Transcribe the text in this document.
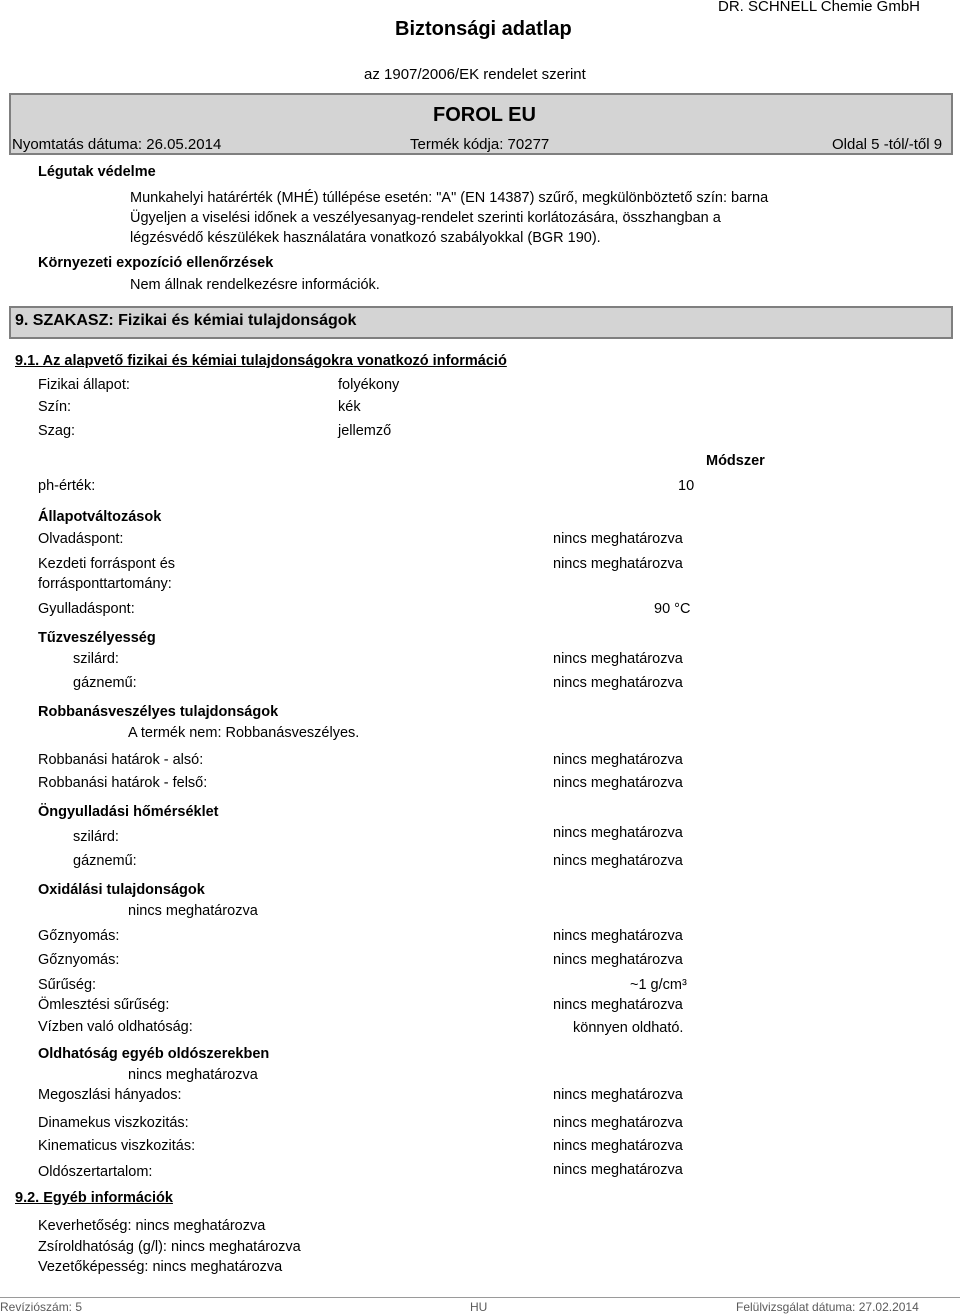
Biztonsági adatlap
DR. SCHNELL Chemie GmbH
az 1907/2006/EK rendelet szerint
FOROL EU
Nyomtatás dátuma: 26.05.2014	Termék kódja: 70277	Oldal 5 -tól/-től 9
Légutak védelme
Munkahelyi határérték (MHÉ) túllépése esetén: "A" (EN 14387) szűrő, megkülönböztető szín: barna
Ügyeljen a viselési időnek a veszélyesanyag-rendelet szerinti korlátozására, összhangban a
légzésvédő készülékek használatára vonatkozó szabályokkal (BGR 190).
Környezeti expozíció ellenőrzések
Nem állnak rendelkezésre információk.
9. SZAKASZ: Fizikai és kémiai tulajdonságok
9.1. Az alapvető fizikai és kémiai tulajdonságokra vonatkozó információ
Fizikai állapot:	folyékony
Szín:	kék
Szag:	jellemző
Módszer
ph-érték:	10
Állapotváltozások
Olvadáspont:	nincs meghatározva
Kezdeti forráspont és
forrásponttartomány:
nincs meghatározva
Gyulladáspont:	90 °C
Tűzveszélyesség
szilárd:	nincs meghatározva
gáznemű:	nincs meghatározva
Robbanásveszélyes tulajdonságok
A termék nem: Robbanásveszélyes.
Robbanási határok - alsó:	nincs meghatározva
Robbanási határok - felső:	nincs meghatározva
Öngyulladási hőmérséklet
szilárd:	nincs meghatározva
gáznemű:	nincs meghatározva
Oxidálási tulajdonságok
nincs meghatározva
Gőznyomás:	nincs meghatározva
Gőznyomás:	nincs meghatározva
Sűrűség:	~1 g/cm³
Ömlesztési sűrűség:	nincs meghatározva
Vízben való oldhatóság:	könnyen oldható.
Oldhatóság egyéb oldószerekben
nincs meghatározva
Megoszlási hányados:	nincs meghatározva
Dinamekus viszkozitás:	nincs meghatározva
Kinematicus viszkozitás:	nincs meghatározva
Oldószertartalom:	nincs meghatározva
9.2. Egyéb információk
Keverhetőség: nincs meghatározva
Zsíroldhatóság (g/l): nincs meghatározva
Vezetőképesség: nincs meghatározva
Revíziószám: 5	HU	Felülvizsgálat dátuma: 27.02.2014
